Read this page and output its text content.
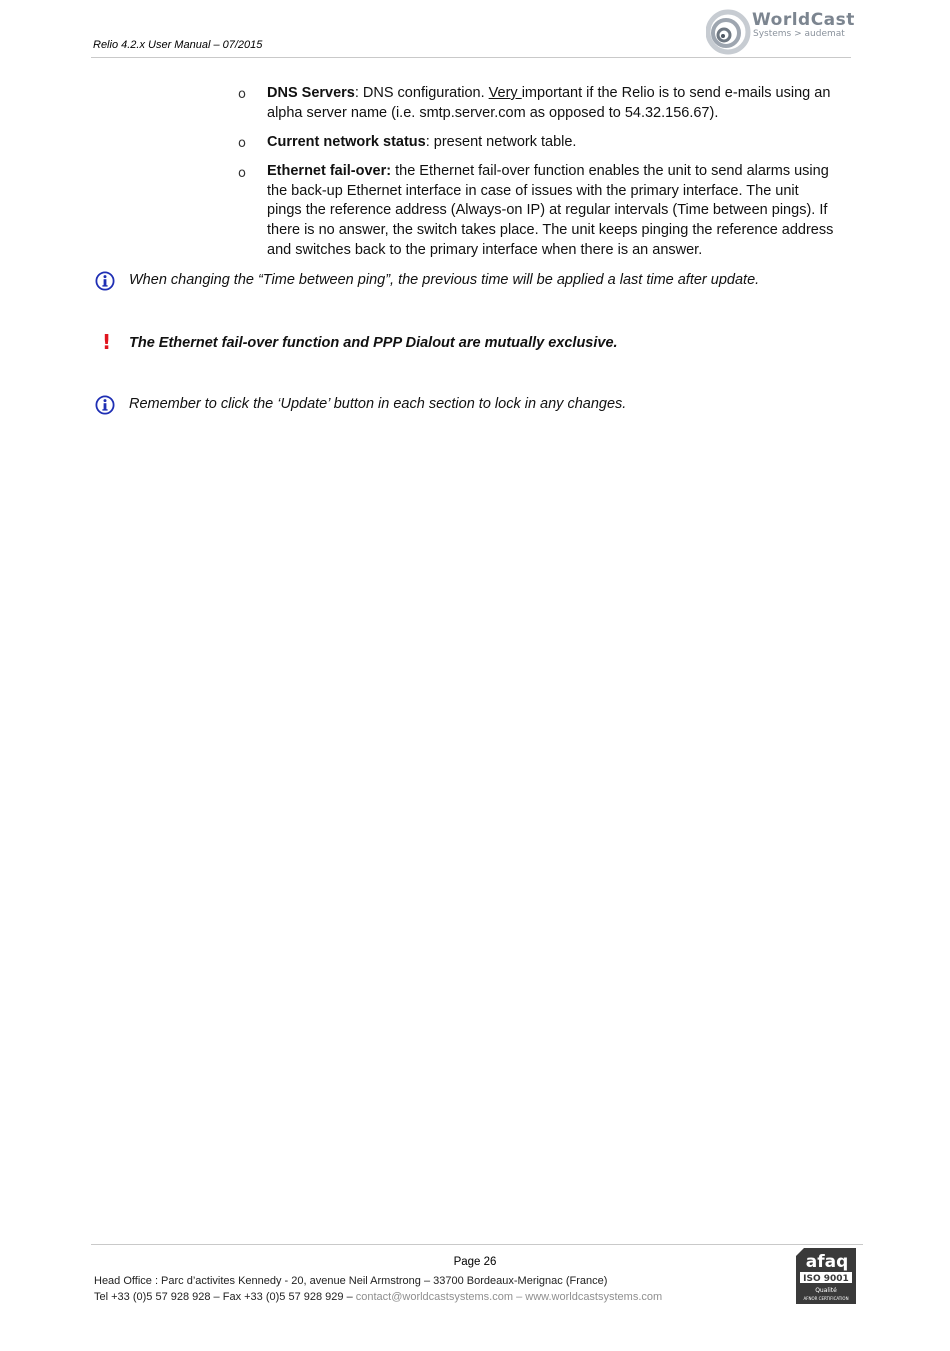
Relio 4.2.x User Manual – 07/2015
WorldCast
Systems > audemat
o DNS Servers: DNS configuration. Very important if the Relio is to send e-mails using an
alpha server name (i.e. smtp.server.com as opposed to 54.32.156.67).
o Current network status: present network table.
o Ethernet fail-over: the Ethernet fail-over function enables the unit to send alarms using
the back-up Ethernet interface in case of issues with the primary interface. The unit
pings the reference address (Always-on IP) at regular intervals (Time between pings). If
there is no answer, the switch takes place. The unit keeps pinging the reference address
and switches back to the primary interface when there is an answer.
When changing the “Time between ping”, the previous time will be applied a last time after update.
! The Ethernet fail-over function and PPP Dialout are mutually exclusive.
Remember to click the ‘Update’ button in each section to lock in any changes.
Page 26
Head Office : Parc d’activites Kennedy - 20, avenue Neil Armstrong – 33700 Bordeaux-Merignac (France)
Tel +33 (0)5 57 928 928 – Fax +33 (0)5 57 928 929 – contact@worldcastsystems.com – www.worldcastsystems.com
afaq
ISO 9001
Qualité
AFNOR CERTIFICATION
